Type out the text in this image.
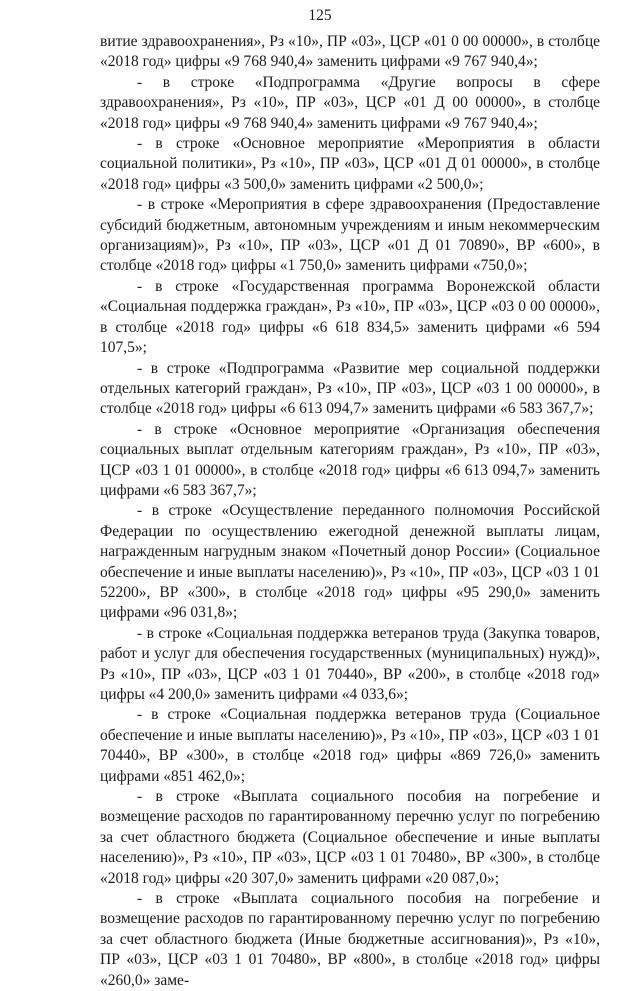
125

витие здравоохранения», Рз «10», ПР «03», ЦСР «01 0 00 00000», в столбце «2018 год» цифры «9 768 940,4» заменить цифрами «9 767 940,4»;

- в строке «Подпрограмма «Другие вопросы в сфере здравоохранения», Рз «10», ПР «03», ЦСР «01 Д 00 00000», в столбце «2018 год» цифры «9 768 940,4» заменить цифрами «9 767 940,4»;

- в строке «Основное мероприятие «Мероприятия в области социальной политики», Рз «10», ПР «03», ЦСР «01 Д 01 00000», в столбце «2018 год» цифры «3 500,0» заменить цифрами «2 500,0»;

- в строке «Мероприятия в сфере здравоохранения (Предоставление субсидий бюджетным, автономным учреждениям и иным некоммерческим организациям)», Рз «10», ПР «03», ЦСР «01 Д 01 70890», ВР «600», в столбце «2018 год» цифры «1 750,0» заменить цифрами «750,0»;

- в строке «Государственная программа Воронежской области «Социальная поддержка граждан», Рз «10», ПР «03», ЦСР «03 0 00 00000», в столбце «2018 год» цифры «6 618 834,5» заменить цифрами «6 594 107,5»;

- в строке «Подпрограмма «Развитие мер социальной поддержки отдельных категорий граждан», Рз «10», ПР «03», ЦСР «03 1 00 00000», в столбце «2018 год» цифры «6 613 094,7» заменить цифрами «6 583 367,7»;

- в строке «Основное мероприятие «Организация обеспечения социальных выплат отдельным категориям граждан», Рз «10», ПР «03», ЦСР «03 1 01 00000», в столбце «2018 год» цифры «6 613 094,7» заменить цифрами «6 583 367,7»;

- в строке «Осуществление переданного полномочия Российской Федерации по осуществлению ежегодной денежной выплаты лицам, награжденным нагрудным знаком «Почетный донор России» (Социальное обеспечение и иные выплаты населению)», Рз «10», ПР «03», ЦСР «03 1 01 52200», ВР «300», в столбце «2018 год» цифры «95 290,0» заменить цифрами «96 031,8»;

- в строке «Социальная поддержка ветеранов труда (Закупка товаров, работ и услуг для обеспечения государственных (муниципальных) нужд)», Рз «10», ПР «03», ЦСР «03 1 01 70440», ВР «200», в столбце «2018 год» цифры «4 200,0» заменить цифрами «4 033,6»;

- в строке «Социальная поддержка ветеранов труда (Социальное обеспечение и иные выплаты населению)», Рз «10», ПР «03», ЦСР «03 1 01 70440», ВР «300», в столбце «2018 год» цифры «869 726,0» заменить цифрами «851 462,0»;

- в строке «Выплата социального пособия на погребение и возмещение расходов по гарантированному перечню услуг по погребению за счет областного бюджета (Социальное обеспечение и иные выплаты населению)», Рз «10», ПР «03», ЦСР «03 1 01 70480», ВР «300», в столбце «2018 год» цифры «20 307,0» заменить цифрами «20 087,0»;

- в строке «Выплата социального пособия на погребение и возмещение расходов по гарантированному перечню услуг по погребению за счет областного бюджета (Иные бюджетные ассигнования)», Рз «10», ПР «03», ЦСР «03 1 01 70480», ВР «800», в столбце «2018 год» цифры «260,0» заме-
